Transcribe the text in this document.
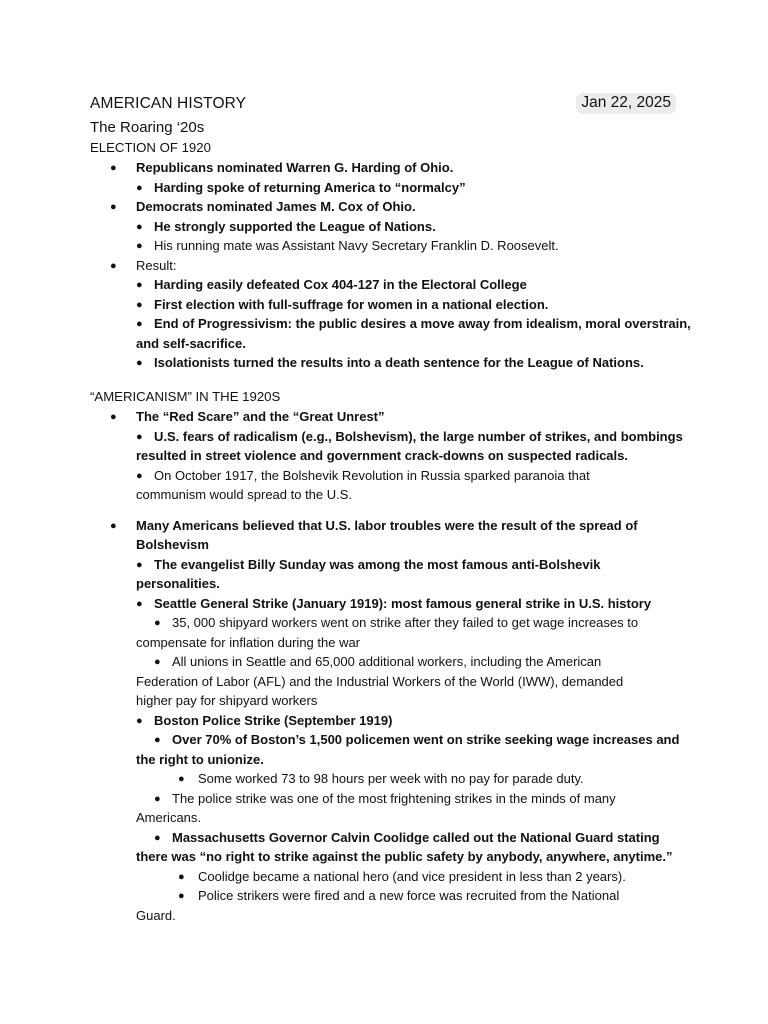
AMERICAN HISTORY	Jan 22, 2025
The Roaring ‘20s
ELECTION OF 1920
● Republicans nominated Warren G. Harding of Ohio.
● Harding spoke of returning America to “normalcy”
● Democrats nominated James M. Cox of Ohio.
● He strongly supported the League of Nations.
● His running mate was Assistant Navy Secretary Franklin D. Roosevelt.
● Result:
● Harding easily defeated Cox 404-127 in the Electoral College
● First election with full-suffrage for women in a national election.
● End of Progressivism: the public desires a move away from idealism, moral overstrain,
and self-sacrifice.
● Isolationists turned the results into a death sentence for the League of Nations.
“AMERICANISM” IN THE 1920S
● The “Red Scare” and the “Great Unrest”
● U.S. fears of radicalism (e.g., Bolshevism), the large number of strikes, and bombings
resulted in street violence and government crack-downs on suspected radicals.
● On October 1917, the Bolshevik Revolution in Russia sparked paranoia that
communism would spread to the U.S.
● Many Americans believed that U.S. labor troubles were the result of the spread of
Bolshevism
● The evangelist Billy Sunday was among the most famous anti-Bolshevik
personalities.
● Seattle General Strike (January 1919): most famous general strike in U.S. history
● 35, 000 shipyard workers went on strike after they failed to get wage increases to
compensate for inflation during the war
● All unions in Seattle and 65,000 additional workers, including the American
Federation of Labor (AFL) and the Industrial Workers of the World (IWW), demanded
higher pay for shipyard workers
● Boston Police Strike (September 1919)
● Over 70% of Boston’s 1,500 policemen went on strike seeking wage increases and
the right to unionize.
● Some worked 73 to 98 hours per week with no pay for parade duty.
● The police strike was one of the most frightening strikes in the minds of many
Americans.
● Massachusetts Governor Calvin Coolidge called out the National Guard stating
there was “no right to strike against the public safety by anybody, anywhere, anytime.”
● Coolidge became a national hero (and vice president in less than 2 years).
● Police strikers were fired and a new force was recruited from the National
Guard.
